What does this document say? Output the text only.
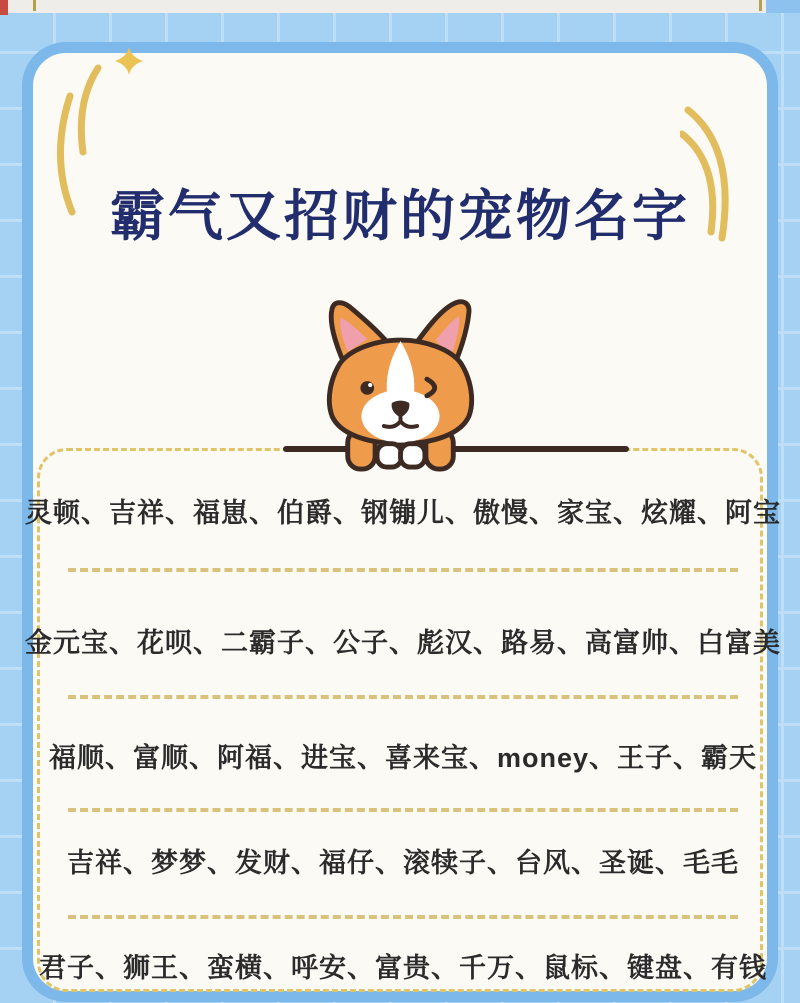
霸气又招财的宠物名字
灵顿、吉祥、福崽、伯爵、钢镚儿、傲慢、家宝、炫耀、阿宝
金元宝、花呗、二霸子、公子、彪汉、路易、高富帅、白富美
福顺、富顺、阿福、进宝、喜来宝、money、王子、霸天
吉祥、梦梦、发财、福仔、滚犊子、台风、圣诞、毛毛
君子、狮王、蛮横、呼安、富贵、千万、鼠标、键盘、有钱
